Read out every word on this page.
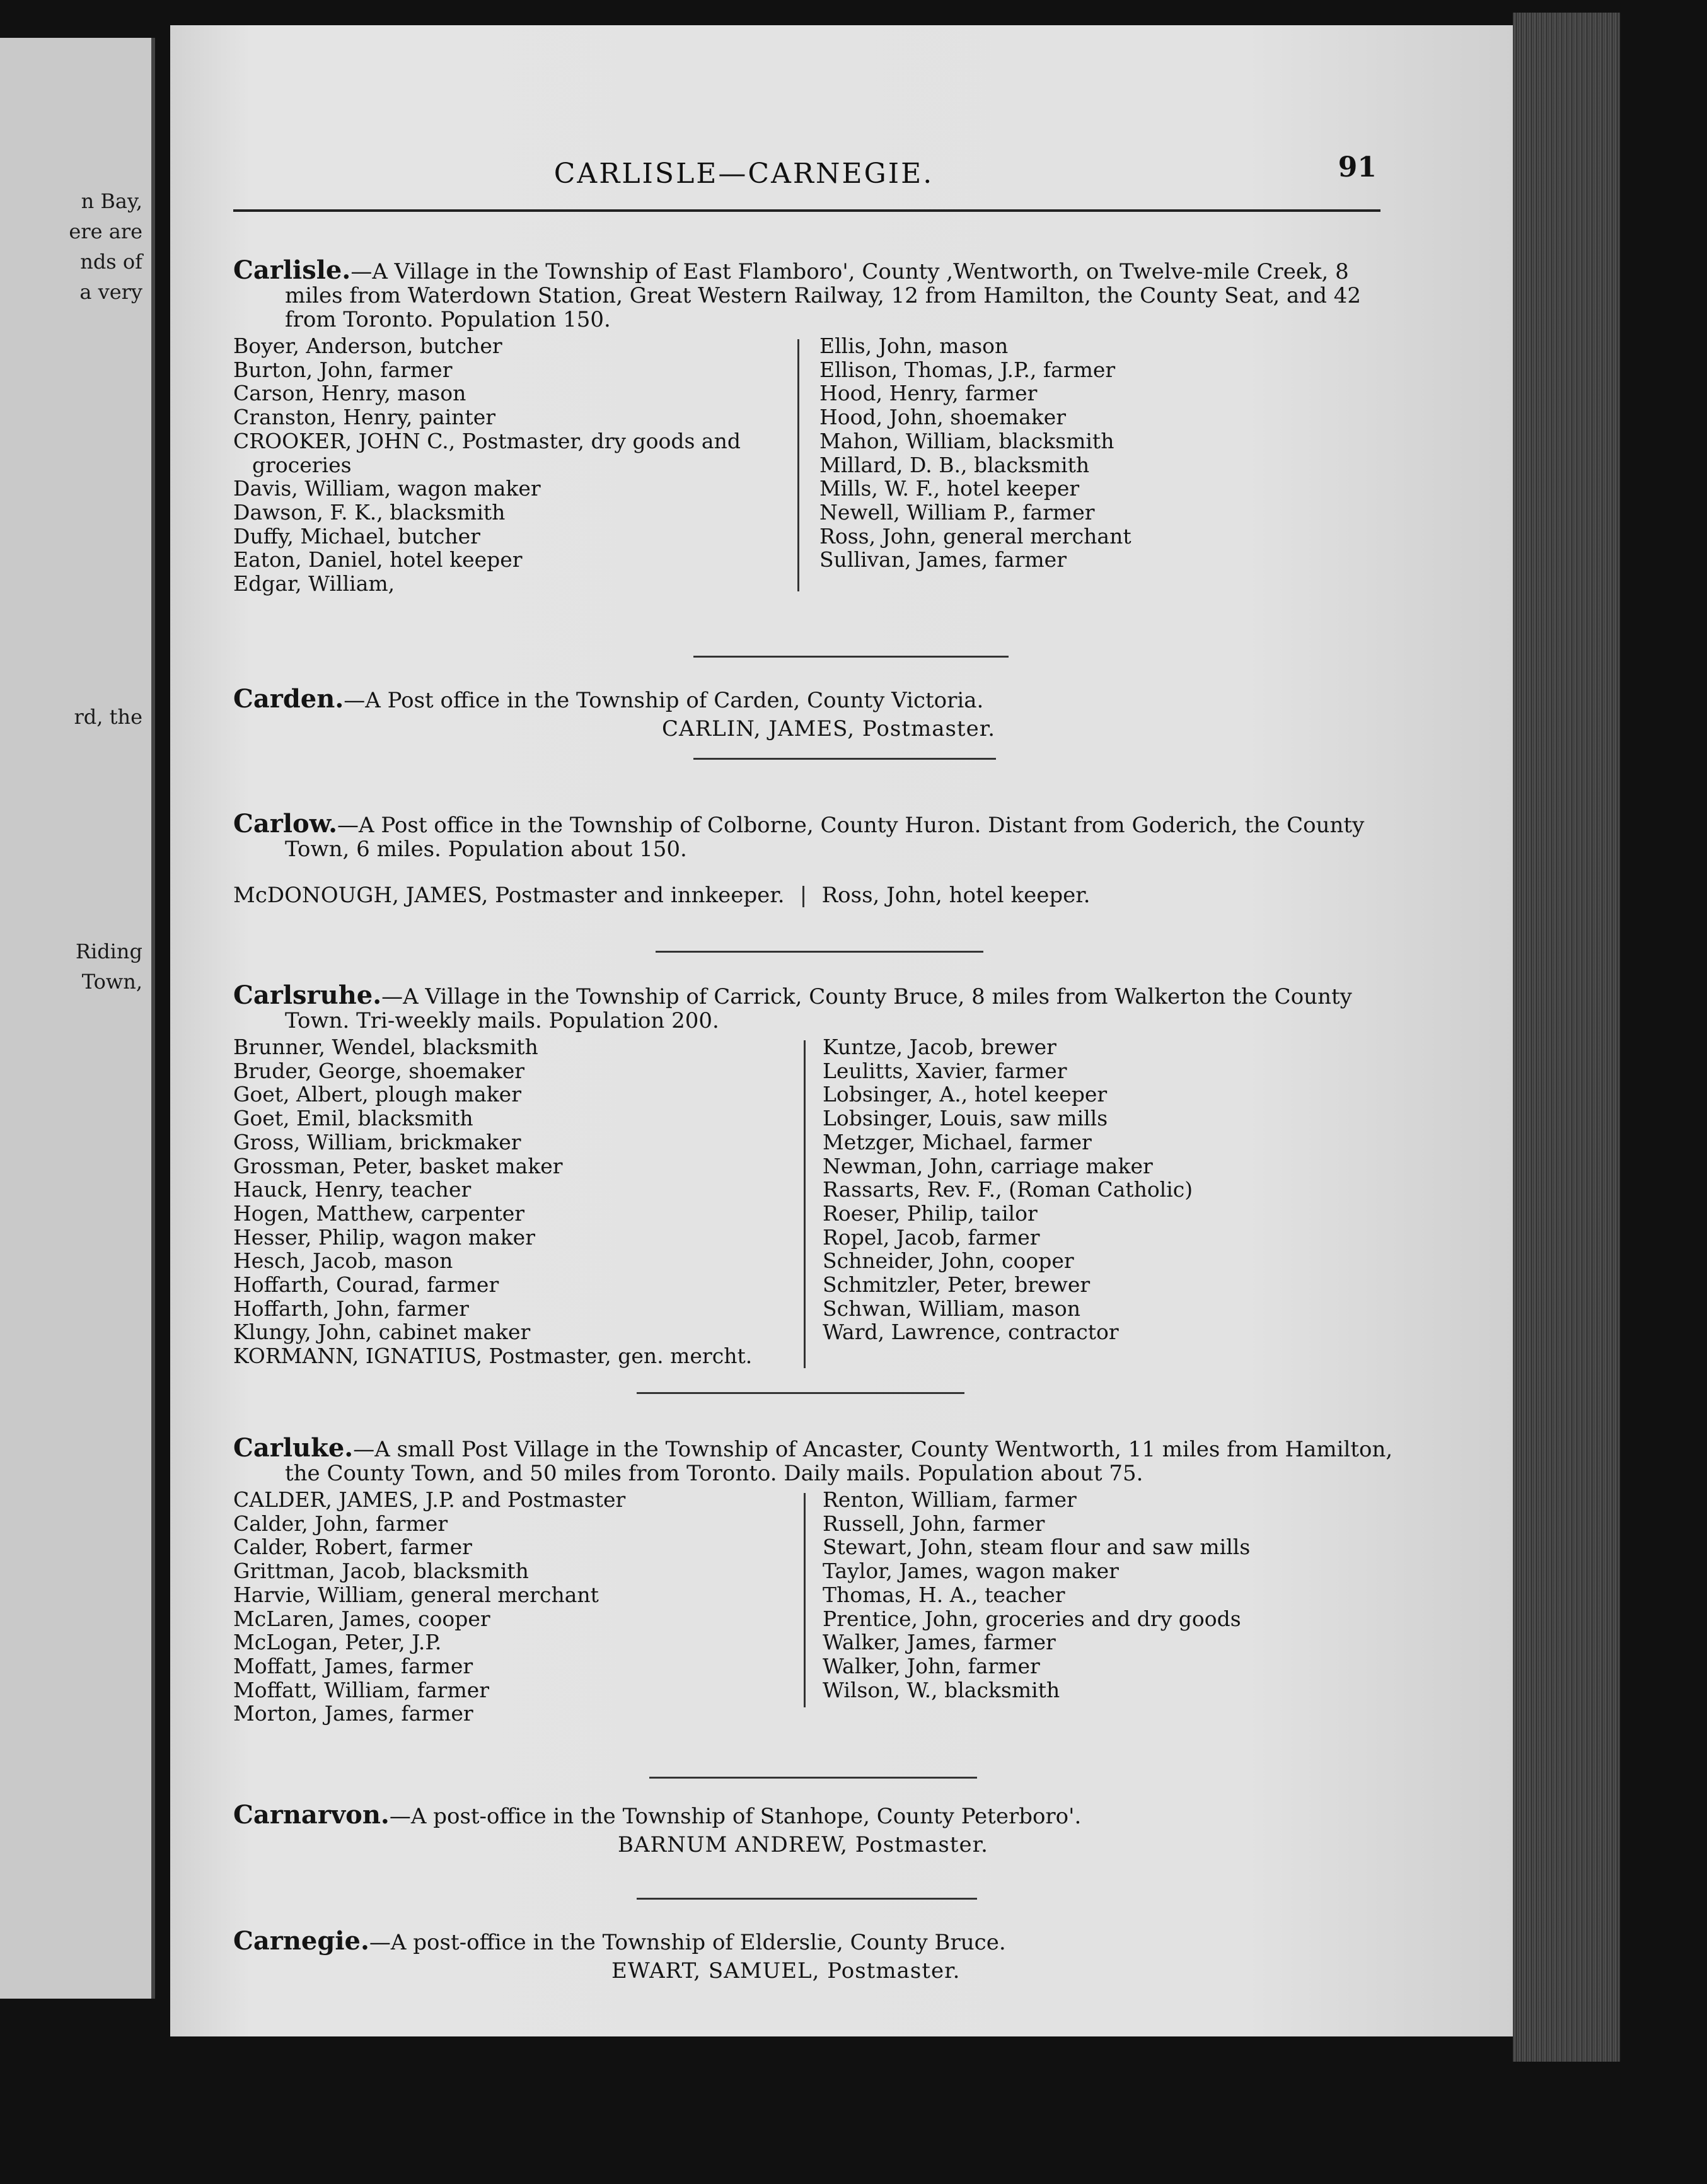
n Bay,
ere are
nds of
a very
rd, the
Riding
Town,
CARLISLE—CARNEGIE.	91

Carlisle.—A Village in the Township of East Flamboro', County ,Wentworth, on Twelve-mile Creek, 8
miles from Waterdown Station, Great Western Railway, 12 from Hamilton, the County Seat, and 42
from Toronto. Population 150.

Boyer, Anderson, butcher
Burton, John, farmer
Carson, Henry, mason
Cranston, Henry, painter
CROOKER, JOHN C., Postmaster, dry goods and
groceries
Davis, William, wagon maker
Dawson, F. K., blacksmith
Duffy, Michael, butcher
Eaton, Daniel, hotel keeper
Edgar, William,
Ellis, John, mason
Ellison, Thomas, J.P., farmer
Hood, Henry, farmer
Hood, John, shoemaker
Mahon, William, blacksmith
Millard, D. B., blacksmith
Mills, W. F., hotel keeper
Newell, William P., farmer
Ross, John, general merchant
Sullivan, James, farmer

Carden.—A Post office in the Township of Carden, County Victoria.

CARLIN, JAMES, Postmaster.

Carlow.—A Post office in the Township of Colborne, County Huron. Distant from Goderich, the County
Town, 6 miles. Population about 150.

McDONOUGH, JAMES, Postmaster and innkeeper. Ross, John, hotel keeper.

Carlsruhe.—A Village in the Township of Carrick, County Bruce, 8 miles from Walkerton the County
Town. Tri-weekly mails. Population 200.

Brunner, Wendel, blacksmith
Bruder, George, shoemaker
Goet, Albert, plough maker
Goet, Emil, blacksmith
Gross, William, brickmaker
Grossman, Peter, basket maker
Hauck, Henry, teacher
Hogen, Matthew, carpenter
Hesser, Philip, wagon maker
Hesch, Jacob, mason
Hoffarth, Courad, farmer
Hoffarth, John, farmer
Klungy, John, cabinet maker
KORMANN, IGNATIUS, Postmaster, gen. mercht.
Kuntze, Jacob, brewer
Leulitts, Xavier, farmer
Lobsinger, A., hotel keeper
Lobsinger, Louis, saw mills
Metzger, Michael, farmer
Newman, John, carriage maker
Rassarts, Rev. F., (Roman Catholic)
Roeser, Philip, tailor
Ropel, Jacob, farmer
Schneider, John, cooper
Schmitzler, Peter, brewer
Schwan, William, mason
Ward, Lawrence, contractor

Carluke.—A small Post Village in the Township of Ancaster, County Wentworth, 11 miles from Hamilton,
the County Town, and 50 miles from Toronto. Daily mails. Population about 75.

CALDER, JAMES, J.P. and Postmaster
Calder, John, farmer
Calder, Robert, farmer
Grittman, Jacob, blacksmith
Harvie, William, general merchant
McLaren, James, cooper
McLogan, Peter, J.P.
Moffatt, James, farmer
Moffatt, William, farmer
Morton, James, farmer
Renton, William, farmer
Russell, John, farmer
Stewart, John, steam flour and saw mills
Taylor, James, wagon maker
Thomas, H. A., teacher
Prentice, John, groceries and dry goods
Walker, James, farmer
Walker, John, farmer
Wilson, W., blacksmith

Carnarvon.—A post-office in the Township of Stanhope, County Peterboro'.

BARNUM ANDREW, Postmaster.

Carnegie.—A post-office in the Township of Elderslie, County Bruce.

EWART, SAMUEL, Postmaster.
